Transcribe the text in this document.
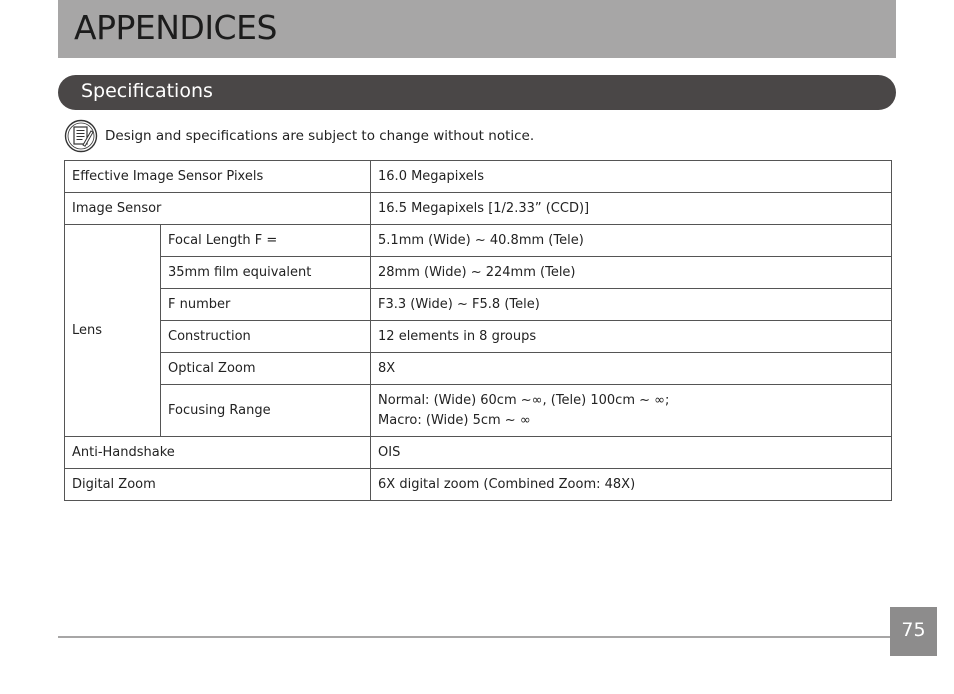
APPENDICES
Specifications
Design and specifications are subject to change without notice.
Effective Image Sensor Pixels		16.0 Megapixels
Image Sensor		16.5 Megapixels [1/2.33” (CCD)]
Lens	Focal Length F =	5.1mm (Wide) ~ 40.8mm (Tele)
	35mm film equivalent	28mm (Wide) ~ 224mm (Tele)
	F number	F3.3 (Wide) ~ F5.8 (Tele)
	Construction	12 elements in 8 groups
	Optical Zoom	8X
	Focusing Range	Normal: (Wide) 60cm ~∞, (Tele) 100cm ~ ∞;
Macro: (Wide) 5cm ~ ∞

Anti-Handshake		OIS
Digital Zoom		6X digital zoom (Combined Zoom: 48X)
75
